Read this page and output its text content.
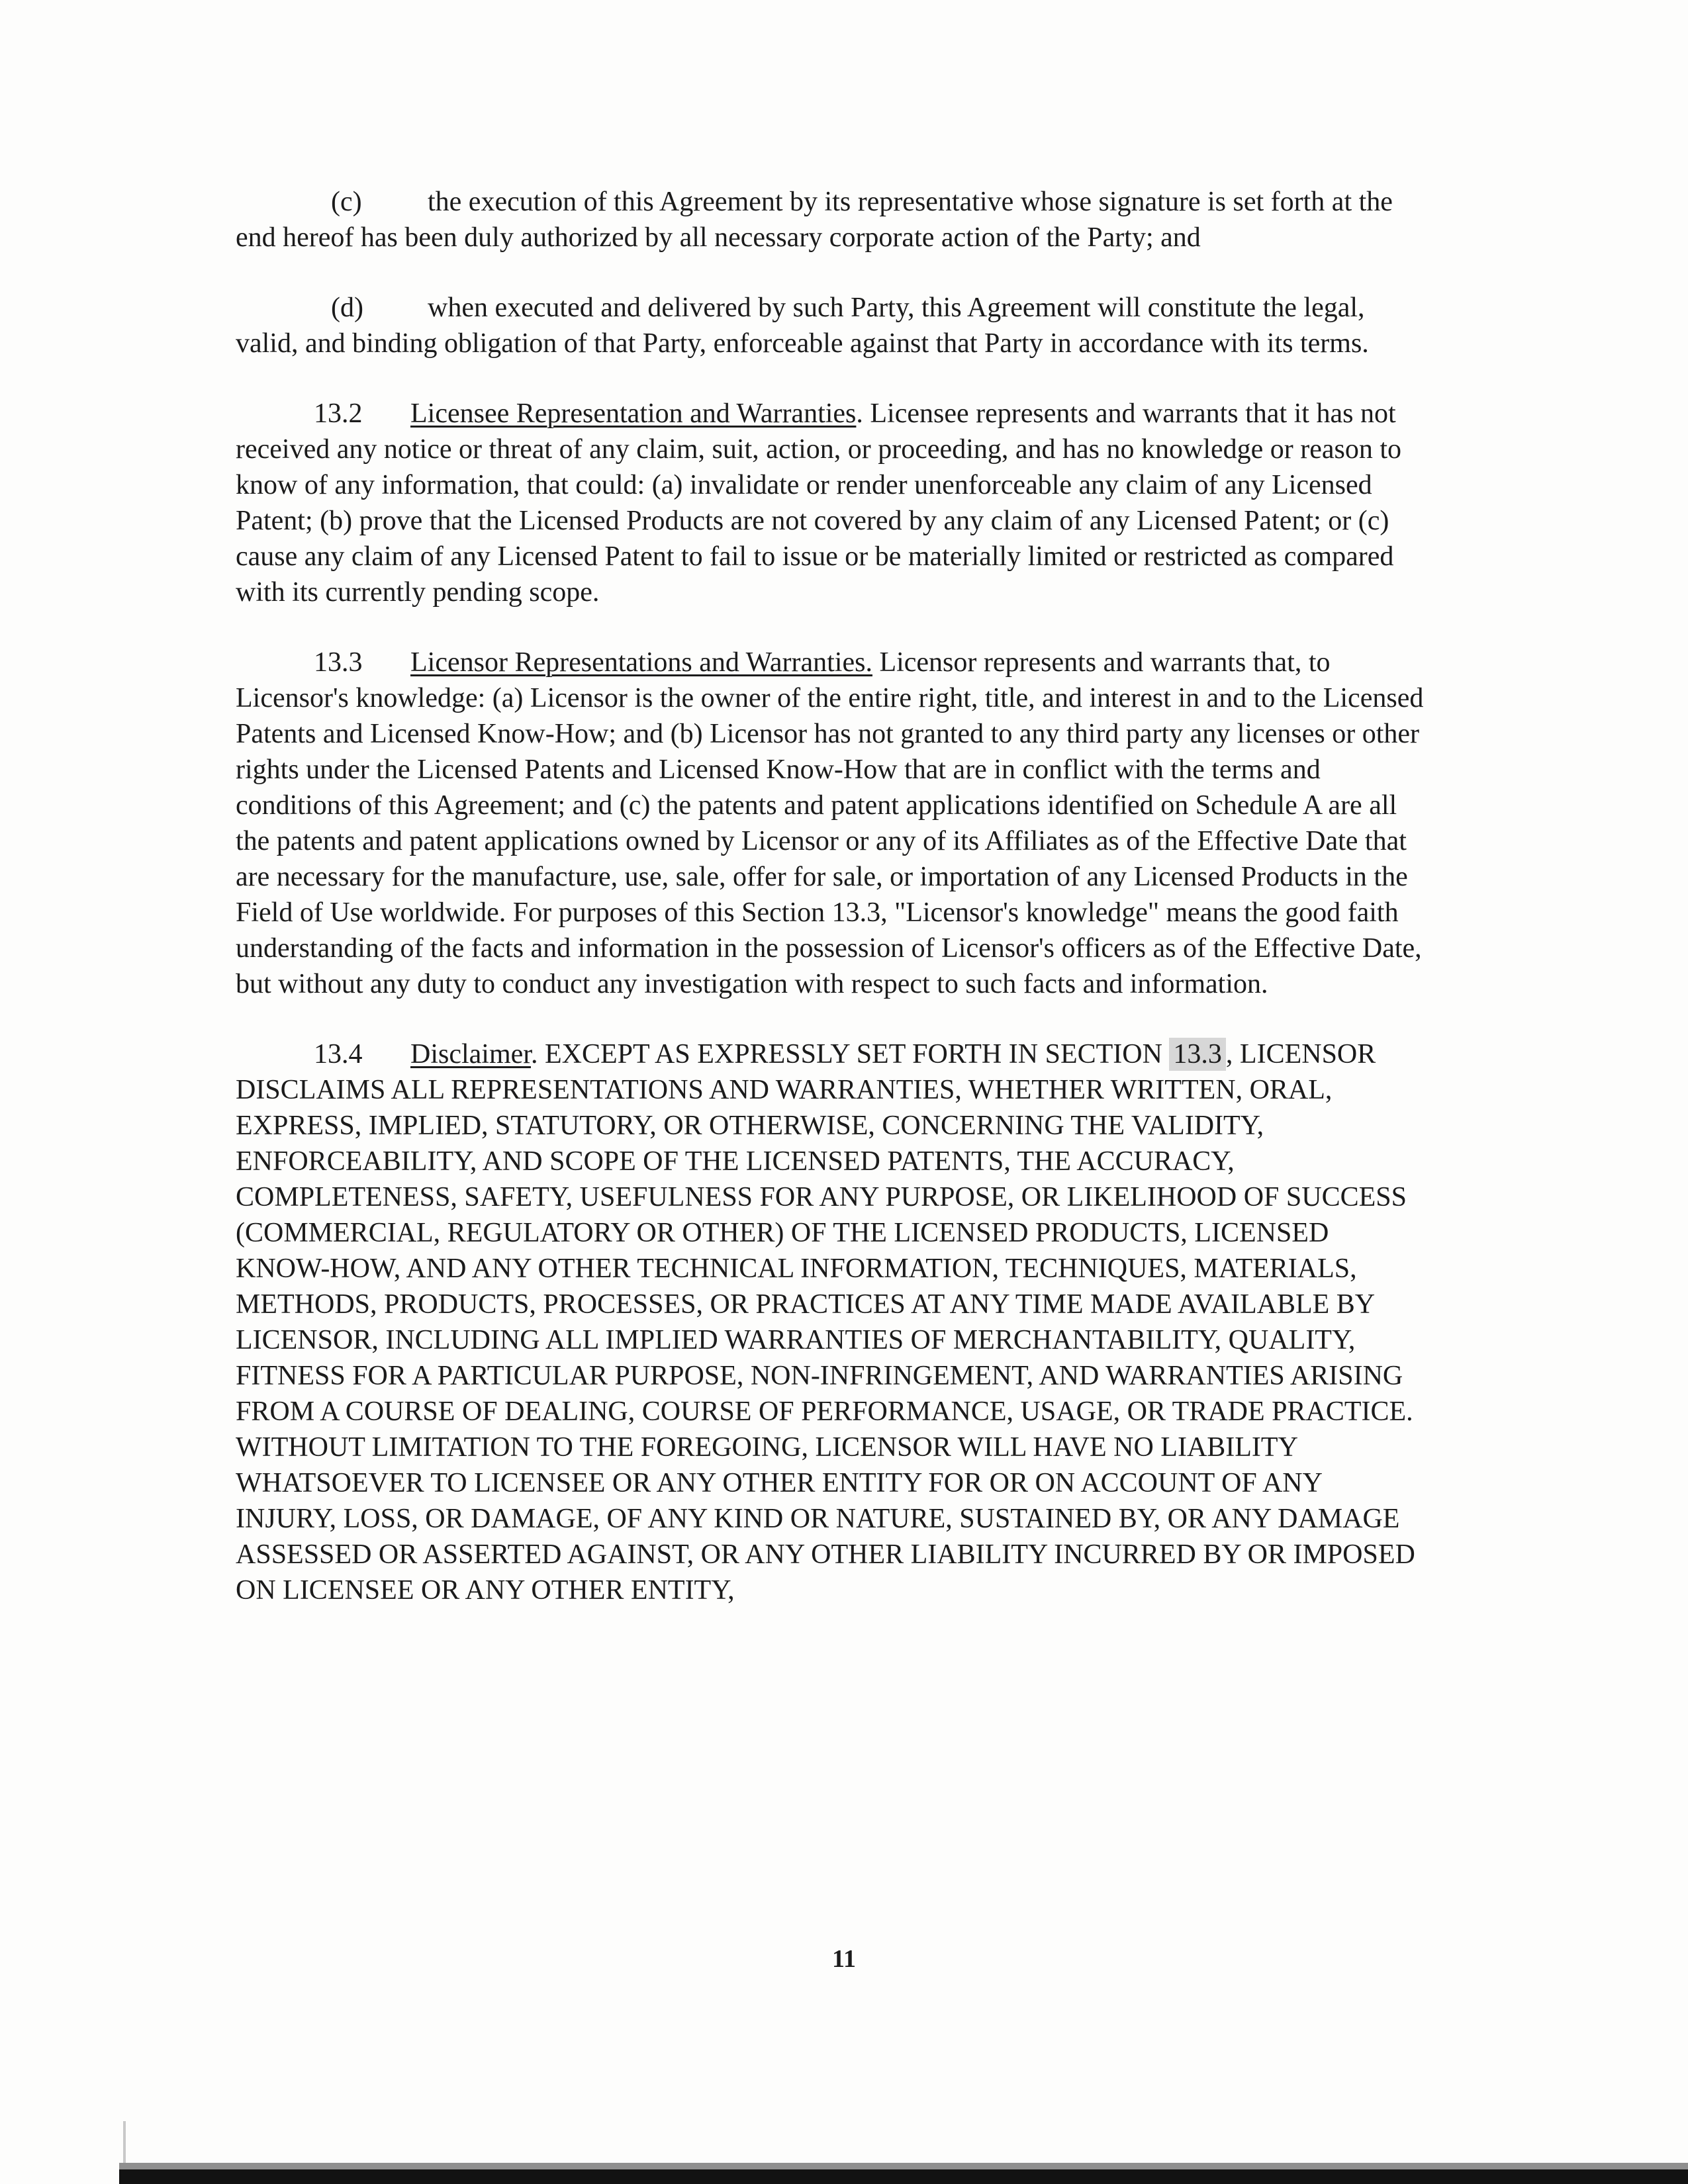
(c) the execution of this Agreement by its representative whose signature is set forth at the end hereof has been duly authorized by all necessary corporate action of the Party; and

(d) when executed and delivered by such Party, this Agreement will constitute the legal, valid, and binding obligation of that Party, enforceable against that Party in accordance with its terms.

13.2 Licensee Representation and Warranties. Licensee represents and warrants that it has not received any notice or threat of any claim, suit, action, or proceeding, and has no knowledge or reason to know of any information, that could: (a) invalidate or render unenforceable any claim of any Licensed Patent; (b) prove that the Licensed Products are not covered by any claim of any Licensed Patent; or (c) cause any claim of any Licensed Patent to fail to issue or be materially limited or restricted as compared with its currently pending scope.

13.3 Licensor Representations and Warranties. Licensor represents and warrants that, to Licensor's knowledge: (a) Licensor is the owner of the entire right, title, and interest in and to the Licensed Patents and Licensed Know-How; and (b) Licensor has not granted to any third party any licenses or other rights under the Licensed Patents and Licensed Know-How that are in conflict with the terms and conditions of this Agreement; and (c) the patents and patent applications identified on Schedule A are all the patents and patent applications owned by Licensor or any of its Affiliates as of the Effective Date that are necessary for the manufacture, use, sale, offer for sale, or importation of any Licensed Products in the Field of Use worldwide. For purposes of this Section 13.3, "Licensor's knowledge" means the good faith understanding of the facts and information in the possession of Licensor's officers as of the Effective Date, but without any duty to conduct any investigation with respect to such facts and information.

13.4 Disclaimer. EXCEPT AS EXPRESSLY SET FORTH IN SECTION 13.3 , LICENSOR DISCLAIMS ALL REPRESENTATIONS AND WARRANTIES, WHETHER WRITTEN, ORAL, EXPRESS, IMPLIED, STATUTORY, OR OTHERWISE, CONCERNING THE VALIDITY, ENFORCEABILITY, AND SCOPE OF THE LICENSED PATENTS, THE ACCURACY, COMPLETENESS, SAFETY, USEFULNESS FOR ANY PURPOSE, OR LIKELIHOOD OF SUCCESS (COMMERCIAL, REGULATORY OR OTHER) OF THE LICENSED PRODUCTS, LICENSED KNOW-HOW, AND ANY OTHER TECHNICAL INFORMATION, TECHNIQUES, MATERIALS, METHODS, PRODUCTS, PROCESSES, OR PRACTICES AT ANY TIME MADE AVAILABLE BY LICENSOR, INCLUDING ALL IMPLIED WARRANTIES OF MERCHANTABILITY, QUALITY, FITNESS FOR A PARTICULAR PURPOSE, NON-INFRINGEMENT, AND WARRANTIES ARISING FROM A COURSE OF DEALING, COURSE OF PERFORMANCE, USAGE, OR TRADE PRACTICE. WITHOUT LIMITATION TO THE FOREGOING, LICENSOR WILL HAVE NO LIABILITY WHATSOEVER TO LICENSEE OR ANY OTHER ENTITY FOR OR ON ACCOUNT OF ANY INJURY, LOSS, OR DAMAGE, OF ANY KIND OR NATURE, SUSTAINED BY, OR ANY DAMAGE ASSESSED OR ASSERTED AGAINST, OR ANY OTHER LIABILITY INCURRED BY OR IMPOSED ON LICENSEE OR ANY OTHER ENTITY,

11
